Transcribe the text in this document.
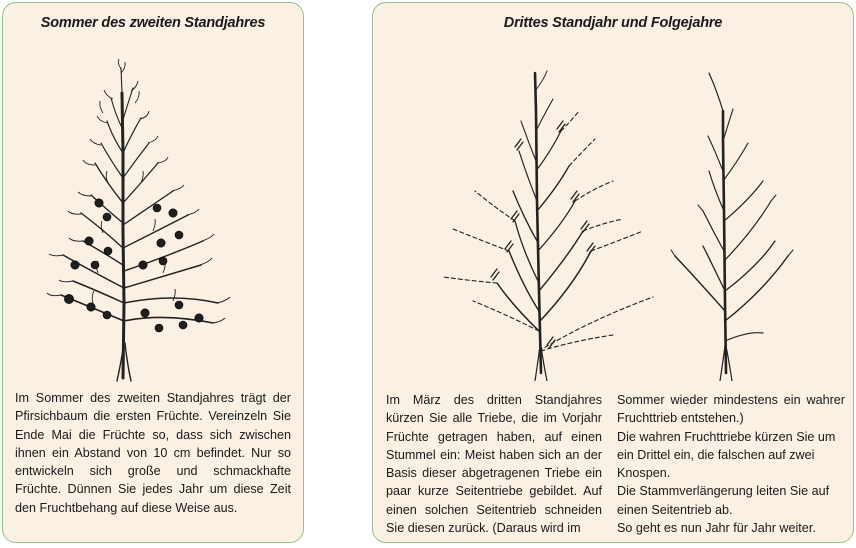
Sommer des zweiten Standjahres

Im Sommer des zweiten Standjahres trägt der Pfirsichbaum die ersten Früchte. Vereinzeln Sie Ende Mai die Früchte so, dass sich zwischen ihnen ein Abstand von 10 cm befindet. Nur so entwickeln sich große und schmackhafte Früchte. Dünnen Sie jedes Jahr um diese Zeit den Fruchtbehang auf diese Weise aus.

Drittes Standjahr und Folgejahre

Im März des dritten Standjahres kürzen Sie alle Triebe, die im Vorjahr Früchte getragen haben, auf einen Stummel ein: Meist haben sich an der Basis dieser abgetragenen Triebe ein paar kurze Seitentriebe gebildet. Auf einen solchen Seitentrieb schneiden Sie diesen zurück. (Daraus wird im

Sommer wieder mindestens ein wahrer Fruchttrieb entstehen.)

Die wahren Fruchttriebe kürzen Sie um ein Drittel ein, die falschen auf zwei Knospen.

Die Stammverlängerung leiten Sie auf einen Seitentrieb ab.

So geht es nun Jahr für Jahr weiter.
